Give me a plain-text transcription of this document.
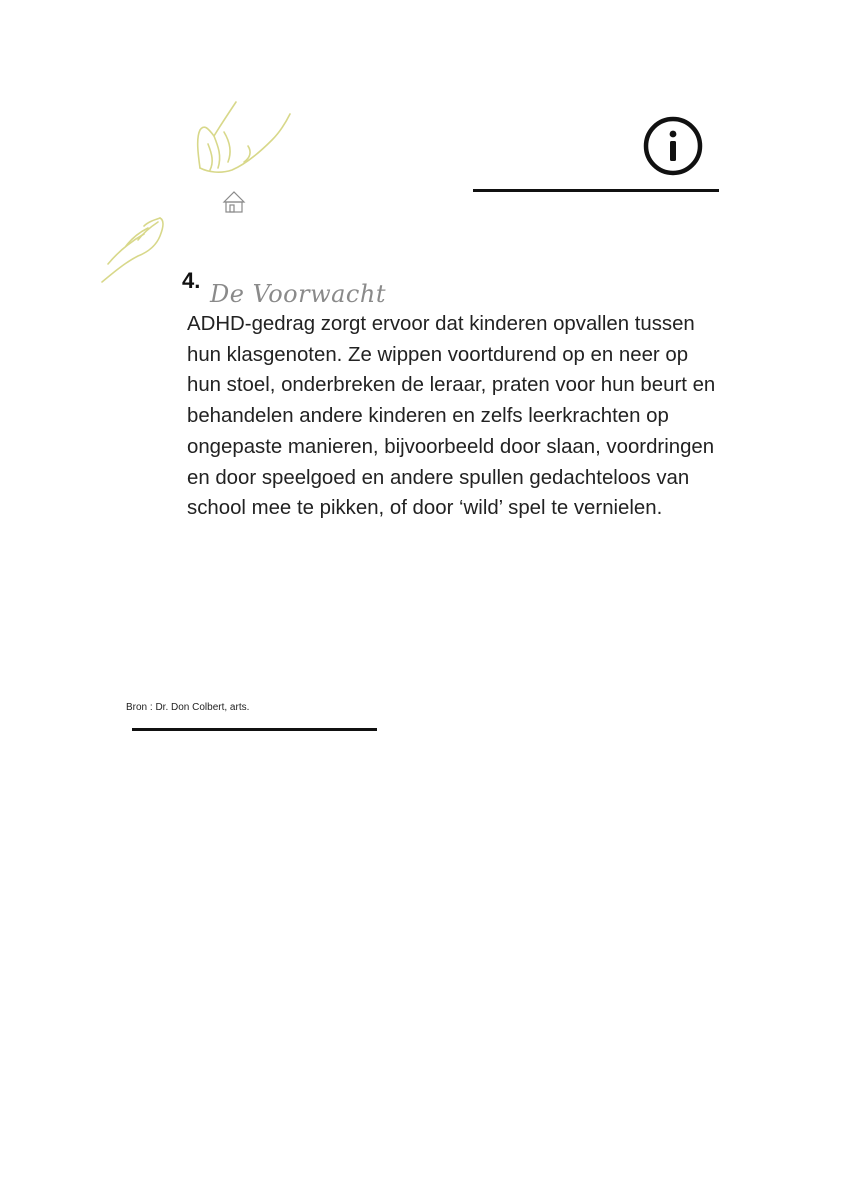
De Voorwacht
4.

ADHD-gedrag zorgt ervoor dat kinderen opvallen tussen hun klasgenoten. Ze wippen voortdurend op en neer op hun stoel, onderbreken de leraar, praten voor hun beurt en behandelen andere kinderen en zelfs leerkrachten op ongepaste manieren, bijvoorbeeld door slaan, voordringen en door speelgoed en andere spullen gedachteloos van school mee te pikken, of door ‘wild’ spel te vernielen.

Bron : Dr. Don Colbert, arts.
